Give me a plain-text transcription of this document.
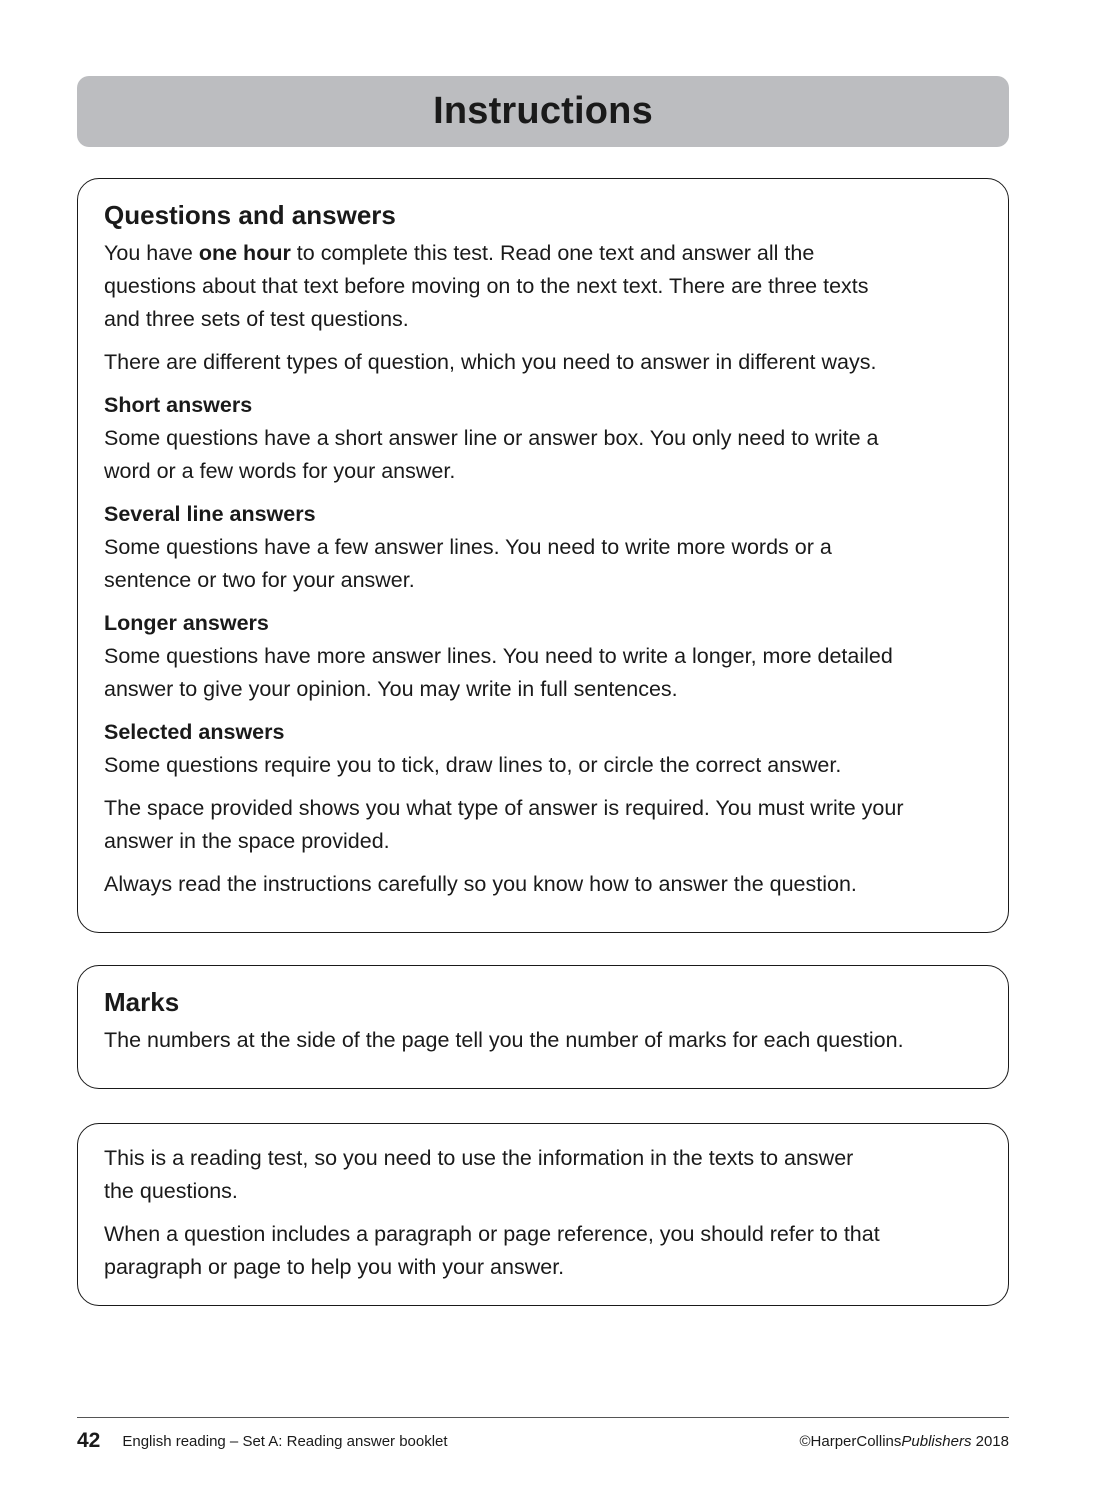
Instructions
Questions and answers

You have one hour to complete this test. Read one text and answer all the
questions about that text before moving on to the next text. There are three texts
and three sets of test questions.

There are different types of question, which you need to answer in different ways.

Short answers
Some questions have a short answer line or answer box. You only need to write a
word or a few words for your answer.

Several line answers
Some questions have a few answer lines. You need to write more words or a
sentence or two for your answer.

Longer answers
Some questions have more answer lines. You need to write a longer, more detailed
answer to give your opinion. You may write in full sentences.

Selected answers
Some questions require you to tick, draw lines to, or circle the correct answer.

The space provided shows you what type of answer is required. You must write your
answer in the space provided.

Always read the instructions carefully so you know how to answer the question.

Marks

The numbers at the side of the page tell you the number of marks for each question.

This is a reading test, so you need to use the information in the texts to answer
the questions.

When a question includes a paragraph or page reference, you should refer to that
paragraph or page to help you with your answer.

42 English reading – Set A: Reading answer booklet	©HarperCollinsPublishers 2018
